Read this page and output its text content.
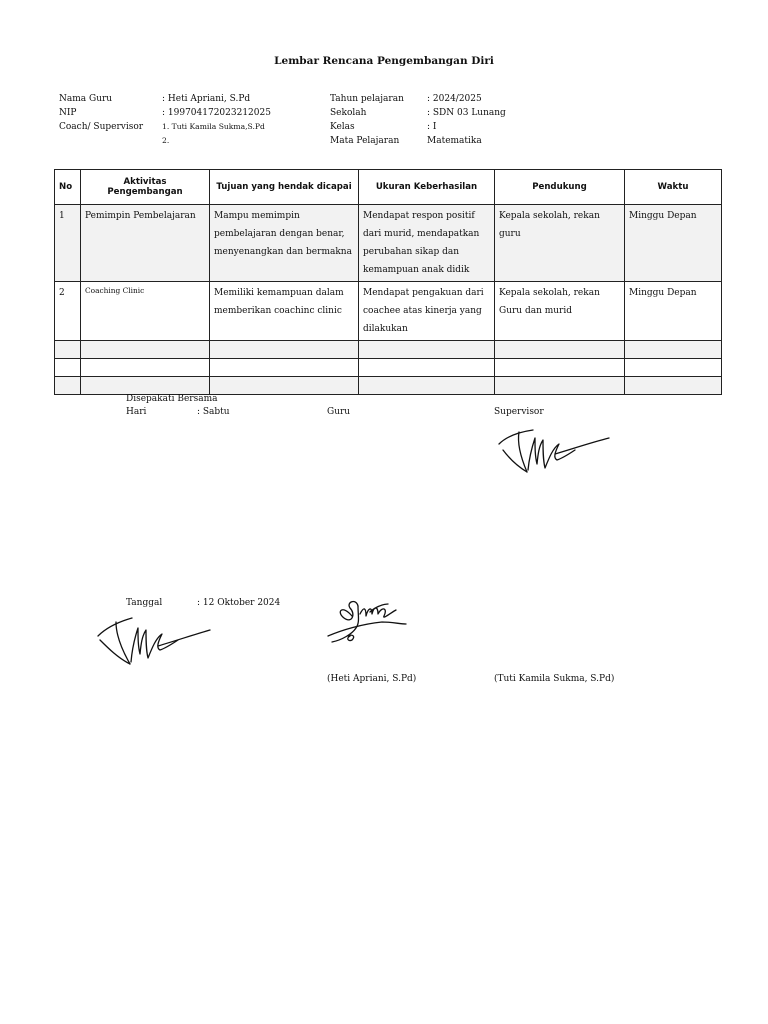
Lembar Rencana Pengembangan Diri
Nama Guru	: Heti Apriani, S.Pd
NIP	: 199704172023212025
Coach/ Supervisor 1. Tuti Kamila Sukma,S.Pd
2.
Tahun pelajaran	: 2024/2025
Sekolah	: SDN 03 Lunang
Kelas	: I
Mata Pelajaran	Matematika
No	Aktivitas Pengembangan	Tujuan yang hendak dicapai	Ukuran Keberhasilan	Pendukung	Waktu
1	Pemimpin Pembelajaran	Mampu memimpin pembelajaran dengan benar, menyenangkan dan bermakna	Mendapat respon positif dari murid, mendapatkan perubahan sikap dan kemampuan anak didik	Kepala sekolah, rekan guru	Minggu Depan
2	Coaching Clinic	Memiliki kemampuan dalam memberikan coachinc clinic	Mendapat pengakuan dari coachee atas kinerja yang dilakukan	Kepala sekolah, rekan Guru dan murid	Minggu Depan

Disepakati Bersama
Hari	: Sabtu	Guru	Supervisor
Tanggal	: 12 Oktober 2024
(Heti Apriani, S.Pd)	(Tuti Kamila Sukma, S.Pd)
